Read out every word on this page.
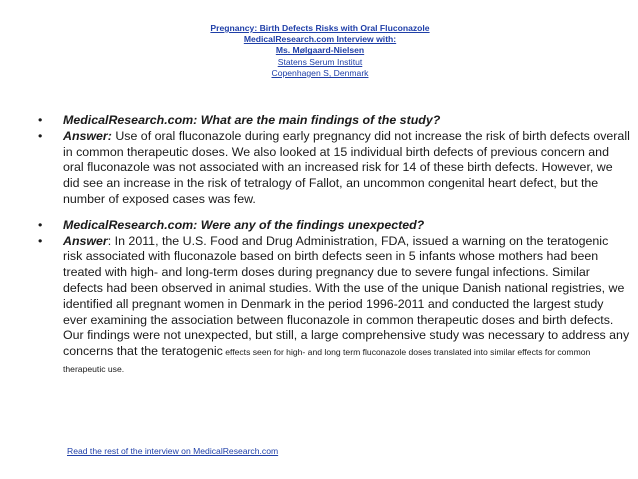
Pregnancy: Birth Defects Risks with Oral Fluconazole
MedicalResearch.com Interview with:
Ms. Mølgaard-Nielsen
Statens Serum Institut
Copenhagen S, Denmark
• MedicalResearch.com: What are the main findings of the study?
• Answer: Use of oral fluconazole during early pregnancy did not increase the risk of birth defects overall in common therapeutic doses. We also looked at 15 individual birth defects of previous concern and oral fluconazole was not associated with an increased risk for 14 of these birth defects. However, we did see an increase in the risk of tetralogy of Fallot, an uncommon congenital heart defect, but the number of exposed cases was few.
• MedicalResearch.com: Were any of the findings unexpected?
• Answer: In 2011, the U.S. Food and Drug Administration, FDA, issued a warning on the teratogenic risk associated with fluconazole based on birth defects seen in 5 infants whose mothers had been treated with high- and long-term doses during pregnancy due to severe fungal infections. Similar defects had been observed in animal studies. With the use of the unique Danish national registries, we identified all pregnant women in Denmark in the period 1996-2011 and conducted the largest study ever examining the association between fluconazole in common therapeutic doses and birth defects. Our findings were not unexpected, but still, a large comprehensive study was necessary to address any concerns that the teratogenic effects seen for high- and long term fluconazole doses translated into similar effects for common therapeutic use.
Read the rest of the interview on MedicalResearch.com
